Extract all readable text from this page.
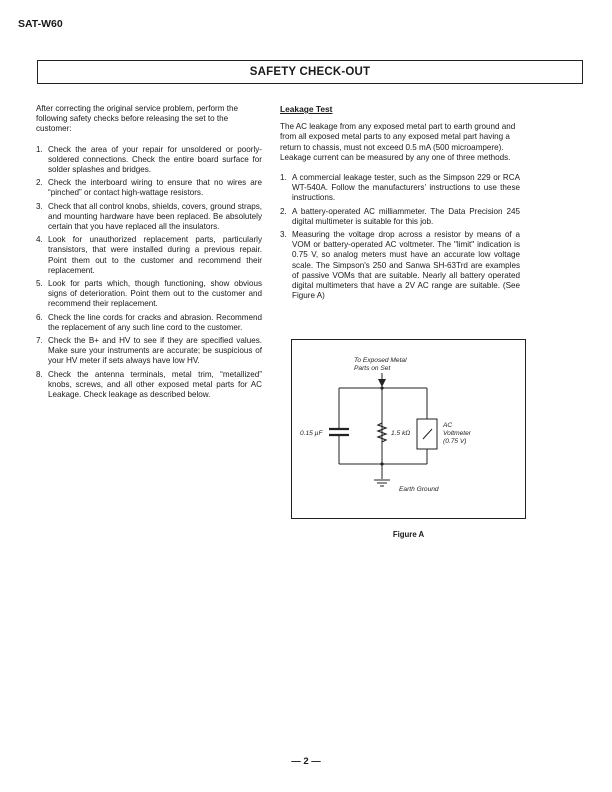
SAT-W60
SAFETY CHECK-OUT

After correcting the original service problem, perform the following safety checks before releasing the set to the customer:

1. Check the area of your repair for unsoldered or poorly-soldered connections. Check the entire board surface for solder splashes and bridges.
2. Check the interboard wiring to ensure that no wires are “pinched” or contact high-wattage resistors.
3. Check that all control knobs, shields, covers, ground straps, and mounting hardware have been replaced. Be absolutely certain that you have replaced all the insulators.
4. Look for unauthorized replacement parts, particularly transistors, that were installed during a previous repair. Point them out to the customer and recommend their replacement.
5. Look for parts which, though functioning, show obvious signs of deterioration. Point them out to the customer and recommend their replacement.
6. Check the line cords for cracks and abrasion. Recommend the replacement of any such line cord to the customer.
7. Check the B+ and HV to see if they are specified values. Make sure your instruments are accurate; be suspicious of your HV meter if sets always have low HV.
8. Check the antenna terminals, metal trim, “metallized” knobs, screws, and all other exposed metal parts for AC Leakage. Check leakage as described below.
Leakage Test

The AC leakage from any exposed metal part to earth ground and from all exposed metal parts to any exposed metal part having a return to chassis, must not exceed 0.5 mA (500 microampere). Leakage current can be measured by any one of three methods.

1. A commercial leakage tester, such as the Simpson 229 or RCA WT-540A. Follow the manufacturers’ instructions to use these instructions.
2. A battery-operated AC milliammeter. The Data Precision 245 digital multimeter is suitable for this job.
3. Measuring the voltage drop across a resistor by means of a VOM or battery-operated AC voltmeter. The "limit" indication is 0.75 V, so analog meters must have an accurate low voltage scale. The Simpson's 250 and Sanwa SH-63Trd are examples of passive VOMs that are suitable. Nearly all battery operated digital multimeters that have a 2V AC range are suitable. (See Figure A)
To Exposed Metal
Parts on Set
0.15 µF	1.5 kΩ
AC
Voltmeter
(0.75 V)
Earth Ground
Figure A
— 2 —
